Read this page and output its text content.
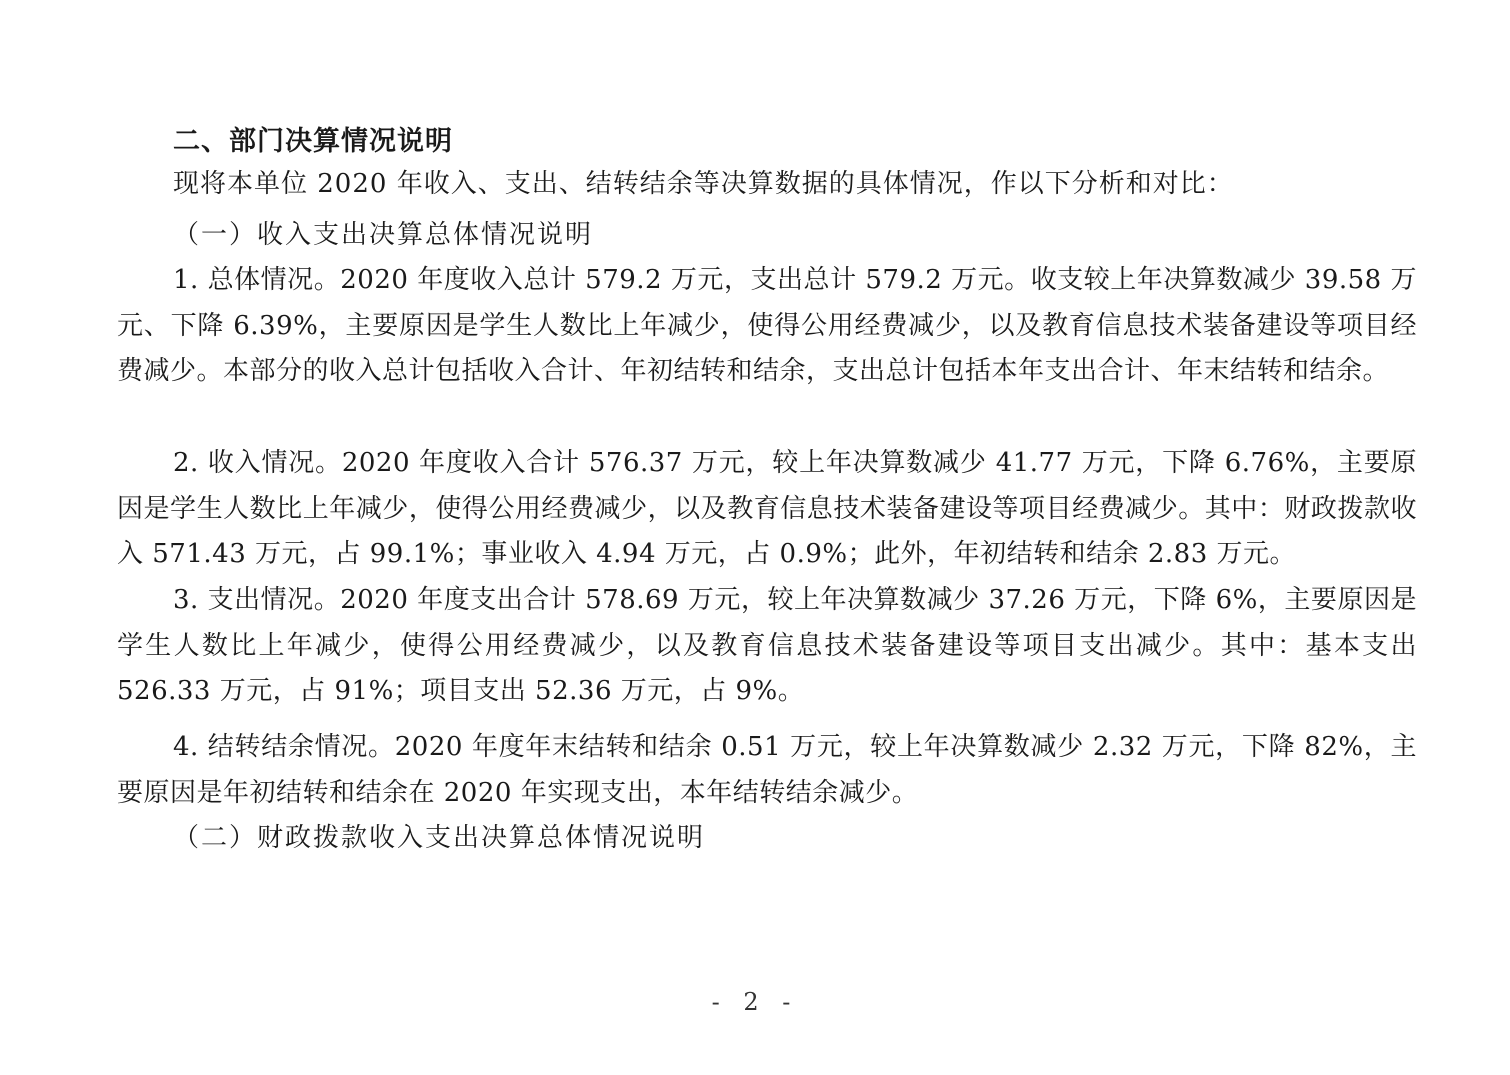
二、部门决算情况说明
现将本单位 2020 年收入、支出、结转结余等决算数据的具体情况，作以下分析和对比：
（一）收入支出决算总体情况说明
1. 总体情况。2020 年度收入总计 579.2 万元，支出总计 579.2 万元。收支较上年决算数减少 39.58 万元、下降 6.39%，主要原因是学生人数比上年减少，使得公用经费减少，以及教育信息技术装备建设等项目经费减少。本部分的收入总计包括收入合计、年初结转和结余，支出总计包括本年支出合计、年末结转和结余。
2. 收入情况。2020 年度收入合计 576.37 万元，较上年决算数减少 41.77 万元，下降 6.76%，主要原因是学生人数比上年减少，使得公用经费减少，以及教育信息技术装备建设等项目经费减少。其中：财政拨款收入 571.43 万元，占 99.1%；事业收入 4.94 万元，占 0.9%；此外，年初结转和结余 2.83 万元。
3. 支出情况。2020 年度支出合计 578.69 万元，较上年决算数减少 37.26 万元，下降 6%，主要原因是学生人数比上年减少，使得公用经费减少，以及教育信息技术装备建设等项目支出减少。其中：基本支出 526.33 万元，占 91%；项目支出 52.36 万元，占 9%。
4. 结转结余情况。2020 年度年末结转和结余 0.51 万元，较上年决算数减少 2.32 万元，下降 82%，主要原因是年初结转和结余在 2020 年实现支出，本年结转结余减少。
（二）财政拨款收入支出决算总体情况说明
- 2 -
